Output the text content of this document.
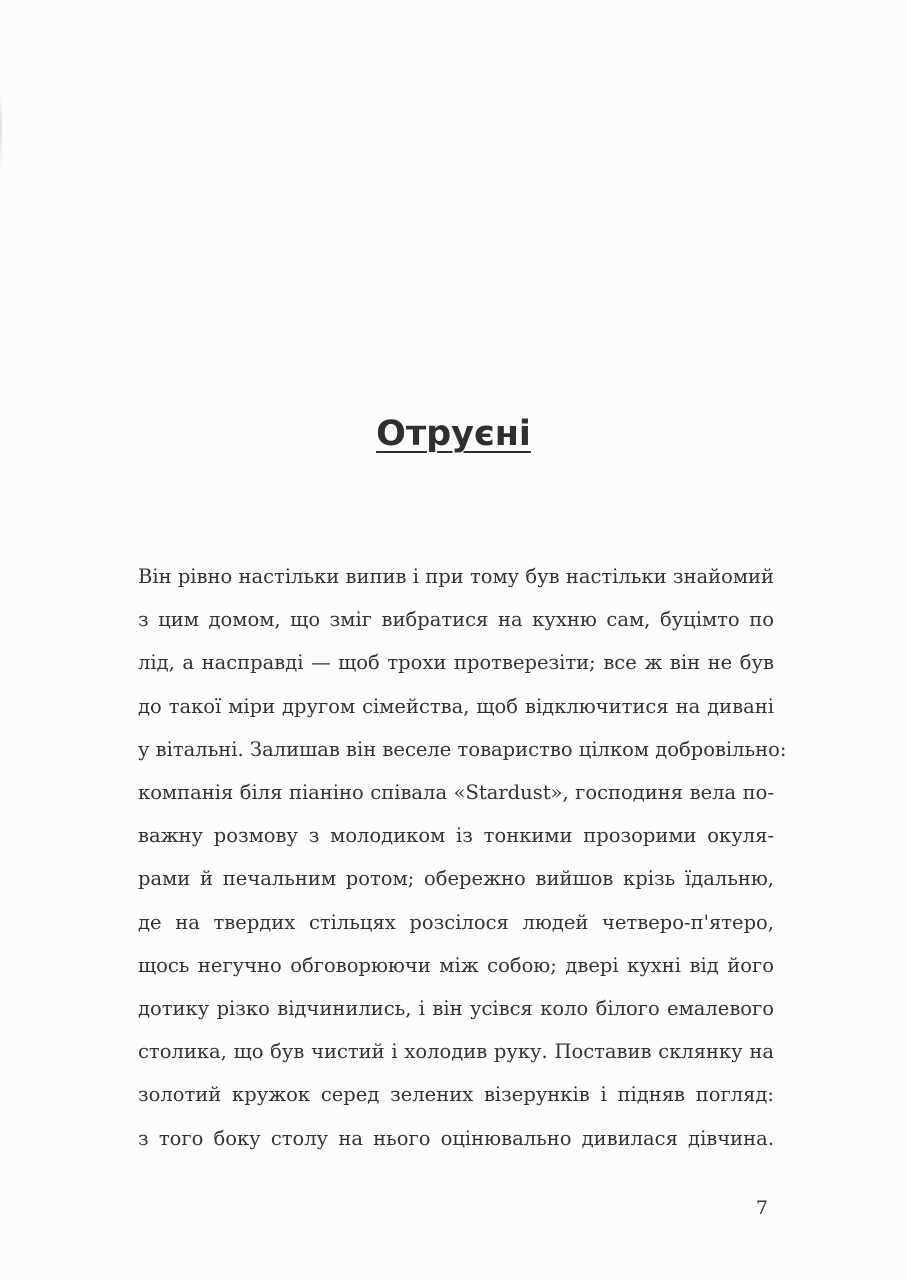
Отруєні
Він рівно настільки випив і при тому був настільки знайомий
з цим домом, що зміг вибратися на кухню сам, буцімто по
лід, а насправді — щоб трохи протверезіти; все ж він не був
до такої міри другом сімейства, щоб відключитися на дивані
у вітальні. Залишав він веселе товариство цілком добровільно:
компанія біля піаніно співала «Stardust», господиня вела по-
важну розмову з молодиком із тонкими прозорими окуля-
рами й печальним ротом; обережно вийшов крізь їдальню,
де на твердих стільцях розсілося людей четверо-п'ятеро,
щось негучно обговорюючи між собою; двері кухні від його
дотику різко відчинились, і він усівся коло білого емалевого
столика, що був чистий і холодив руку. Поставив склянку на
золотий кружок серед зелених візерунків і підняв погляд:
з того боку столу на нього оцінювально дивилася дівчина.
7
